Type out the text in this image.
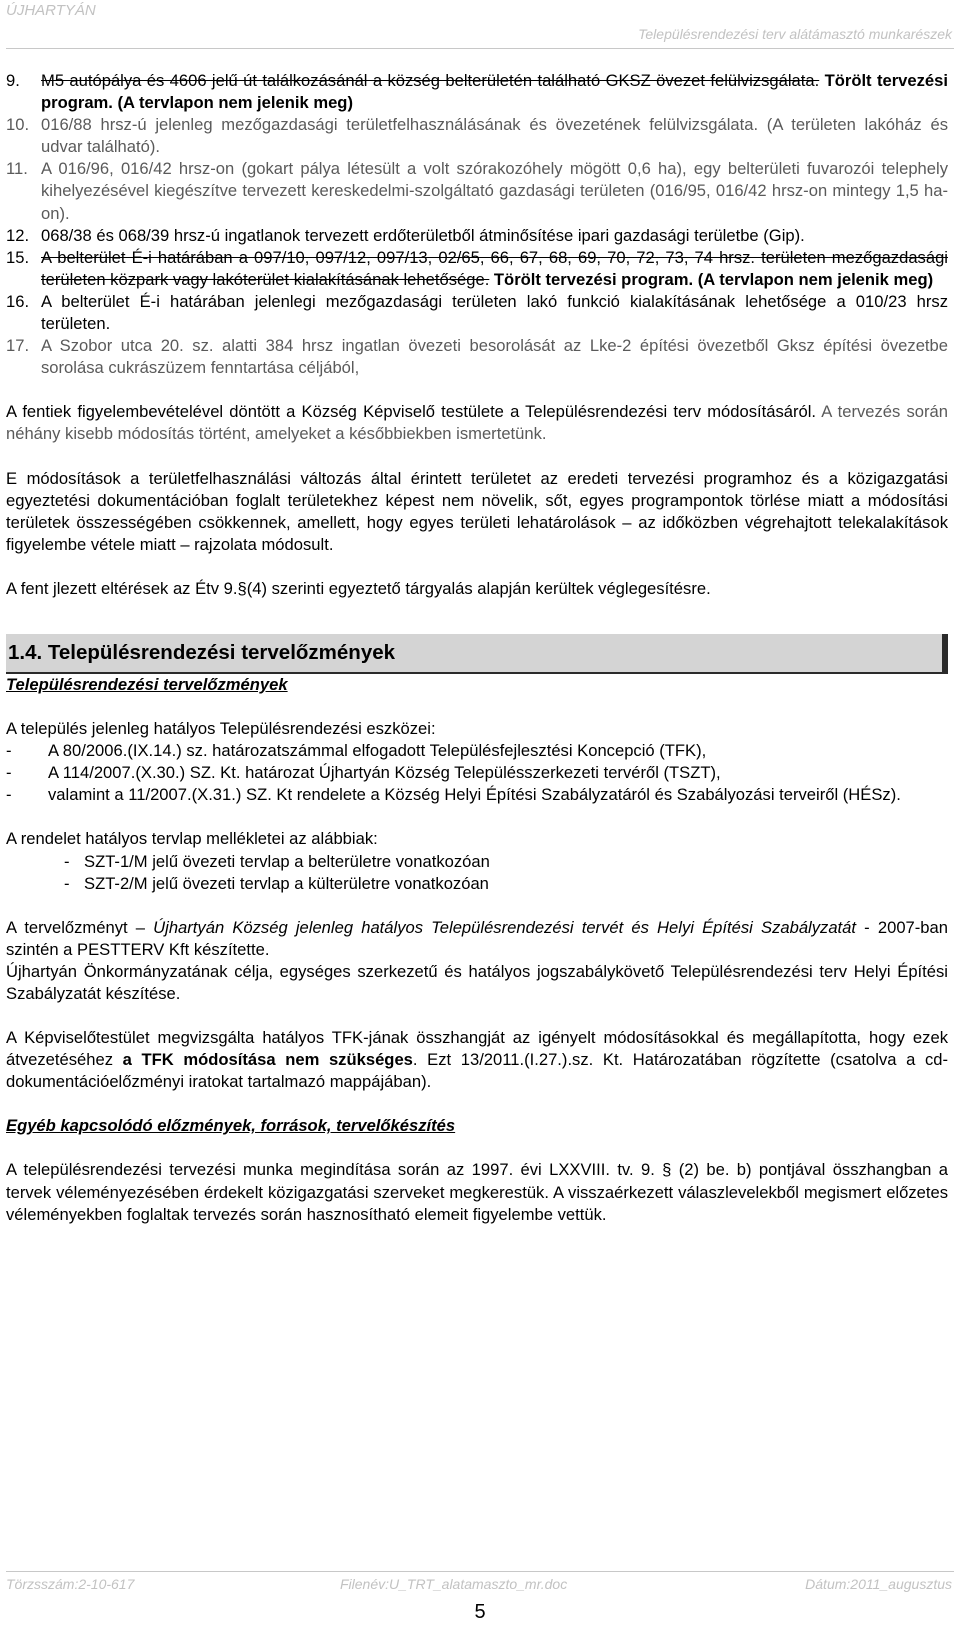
ÚJHARTYÁN
Településrendezési terv alátámasztó munkarészek
9.	M5 autópálya és 4606 jelű út találkozásánál a község belterületén található GKSZ övezet felülvizsgálata. Törölt tervezési program. (A tervlapon nem jelenik meg)
10. 016/88 hrsz-ú jelenleg mezőgazdasági területfelhasználásának és övezetének felülvizsgálata. (A területen lakóház és udvar található).
11. A 016/96, 016/42 hrsz-on (gokart pálya létesült a volt szórakozóhely mögött 0,6 ha), egy belterületi fuvarozói telephely kihelyezésével kiegészítve tervezett kereskedelmi-szolgáltató gazdasági területen (016/95, 016/42 hrsz-on mintegy 1,5 ha-on).
12. 068/38 és 068/39 hrsz-ú ingatlanok tervezett erdőterületből átminősítése ipari gazdasági területbe (Gip).
15. A belterület É-i határában a 097/10, 097/12, 097/13, 02/65, 66, 67, 68, 69, 70, 72, 73, 74 hrsz. területen mezőgazdasági területen közpark vagy lakóterület kialakításának lehetősége. Törölt tervezési program. (A tervlapon nem jelenik meg)
16. A belterület É-i határában jelenlegi mezőgazdasági területen lakó funkció kialakításának lehetősége a 010/23 hrsz területen.
17. A Szobor utca 20. sz. alatti 384 hrsz ingatlan övezeti besorolását az Lke-2 építési övezetből Gksz építési övezetbe sorolása cukrászüzem fenntartása céljából,

A fentiek figyelembevételével döntött a Község Képviselő testülete a Településrendezési terv módosításáról. A tervezés során néhány kisebb módosítás történt, amelyeket a későbbiekben ismertetünk.

E módosítások a területfelhasználási változás által érintett területet az eredeti tervezési programhoz és a közigazgatási egyeztetési dokumentációban foglalt területekhez képest nem növelik, sőt, egyes programpontok törlése miatt a módosítási területek összességében csökkennek, amellett, hogy egyes területi lehatárolások – az időközben végrehajtott telekalakítások figyelembe vétele miatt – rajzolata módosult.

A fent jlezett eltérések az Étv 9.§(4) szerinti egyeztető tárgyalás alapján kerültek véglegesítésre.

1.4. Településrendezési tervelőzmények

Településrendezési tervelőzmények

A település jelenleg hatályos Településrendezési eszközei:

-	A 80/2006.(IX.14.) sz. határozatszámmal elfogadott Településfejlesztési Koncepció (TFK),
-	A 114/2007.(X.30.) SZ. Kt. határozat Újhartyán Község Településszerkezeti tervéről (TSZT),
-	valamint a 11/2007.(X.31.) SZ. Kt rendelete a Község Helyi Építési Szabályzatáról és Szabályozási terveiről (HÉSz).

A rendelet hatályos tervlap mellékletei az alábbiak:

- SZT-1/M jelű övezeti tervlap a belterületre vonatkozóan
- SZT-2/M jelű övezeti tervlap a külterületre vonatkozóan

A tervelőzményt – Újhartyán Község jelenleg hatályos Településrendezési tervét és Helyi Építési Szabályzatát - 2007-ban szintén a PESTTERV Kft készítette.

Újhartyán Önkormányzatának célja, egységes szerkezetű és hatályos jogszabálykövető Településrendezési terv Helyi Építési Szabályzatát készítése.

A Képviselőtestület megvizsgálta hatályos TFK-jának összhangját az igényelt módosításokkal és megállapította, hogy ezek átvezetéséhez a TFK módosítása nem szükséges. Ezt 13/2011.(I.27.).sz. Kt. Határozatában rögzítette (csatolva a cd-dokumentációelőzményi iratokat tartalmazó mappájában).

Egyéb kapcsolódó előzmények, források, tervelőkészítés

A településrendezési tervezési munka megindítása során az 1997. évi LXXVIII. tv. 9. § (2) be. b) pontjával összhangban a tervek véleményezésében érdekelt közigazgatási szerveket megkerestük. A visszaérkezett válaszlevelekből megismert előzetes véleményekben foglaltak tervezés során hasznosítható elemeit figyelembe vettük.

Törzsszám:2-10-617	Filenév:U_TRT_alatamaszto_mr.doc	Dátum:2011_augusztus
5
